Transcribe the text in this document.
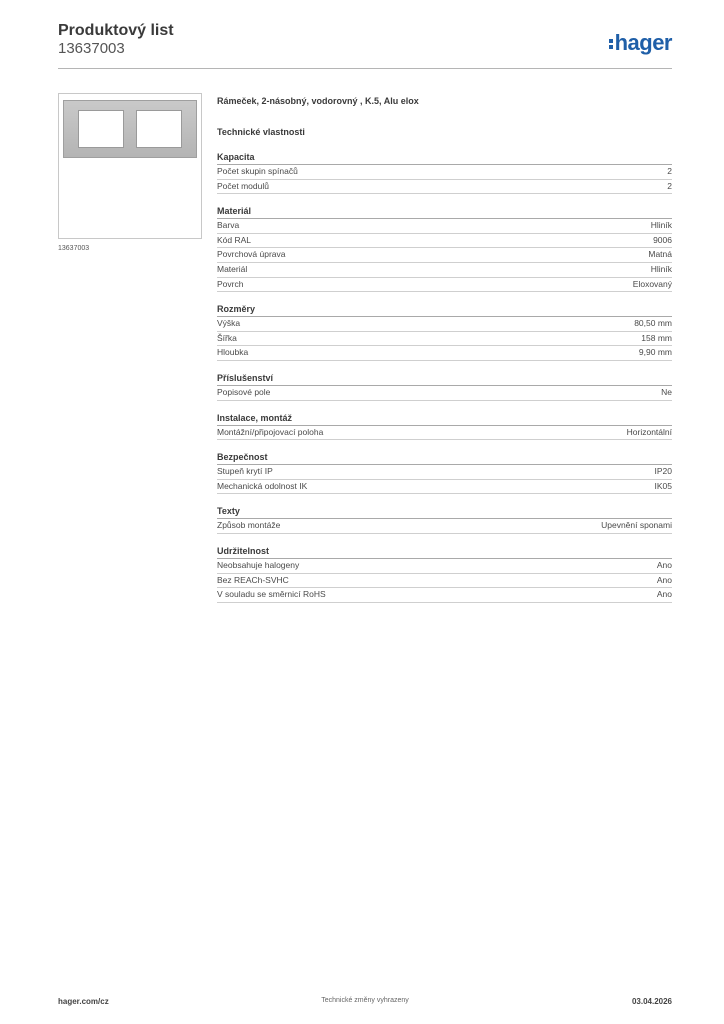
Produktový list
13637003	hager
13637003
Rámeček, 2-násobný, vodorovný , K.5, Alu elox
Technické vlastnosti
Kapacita
Počet skupin spínačů	2
Počet modulů	2
Materiál
Barva	Hliník
Kód RAL	9006
Povrchová úprava	Matná
Materiál	Hliník
Povrch	Eloxovaný
Rozměry
Výška	80,50 mm
Šířka	158 mm
Hloubka	9,90 mm
Příslušenství
Popisové pole	Ne
Instalace, montáž
Montážní/připojovací poloha	Horizontální
Bezpečnost
Stupeň krytí IP	IP20
Mechanická odolnost IK	IK05
Texty
Způsob montáže	Upevnění sponami
Udržitelnost
Neobsahuje halogeny	Ano
Bez REACh-SVHC	Ano
V souladu se směrnicí RoHS	Ano
hager.com/cz	Technické změny vyhrazeny	03.04.2026
